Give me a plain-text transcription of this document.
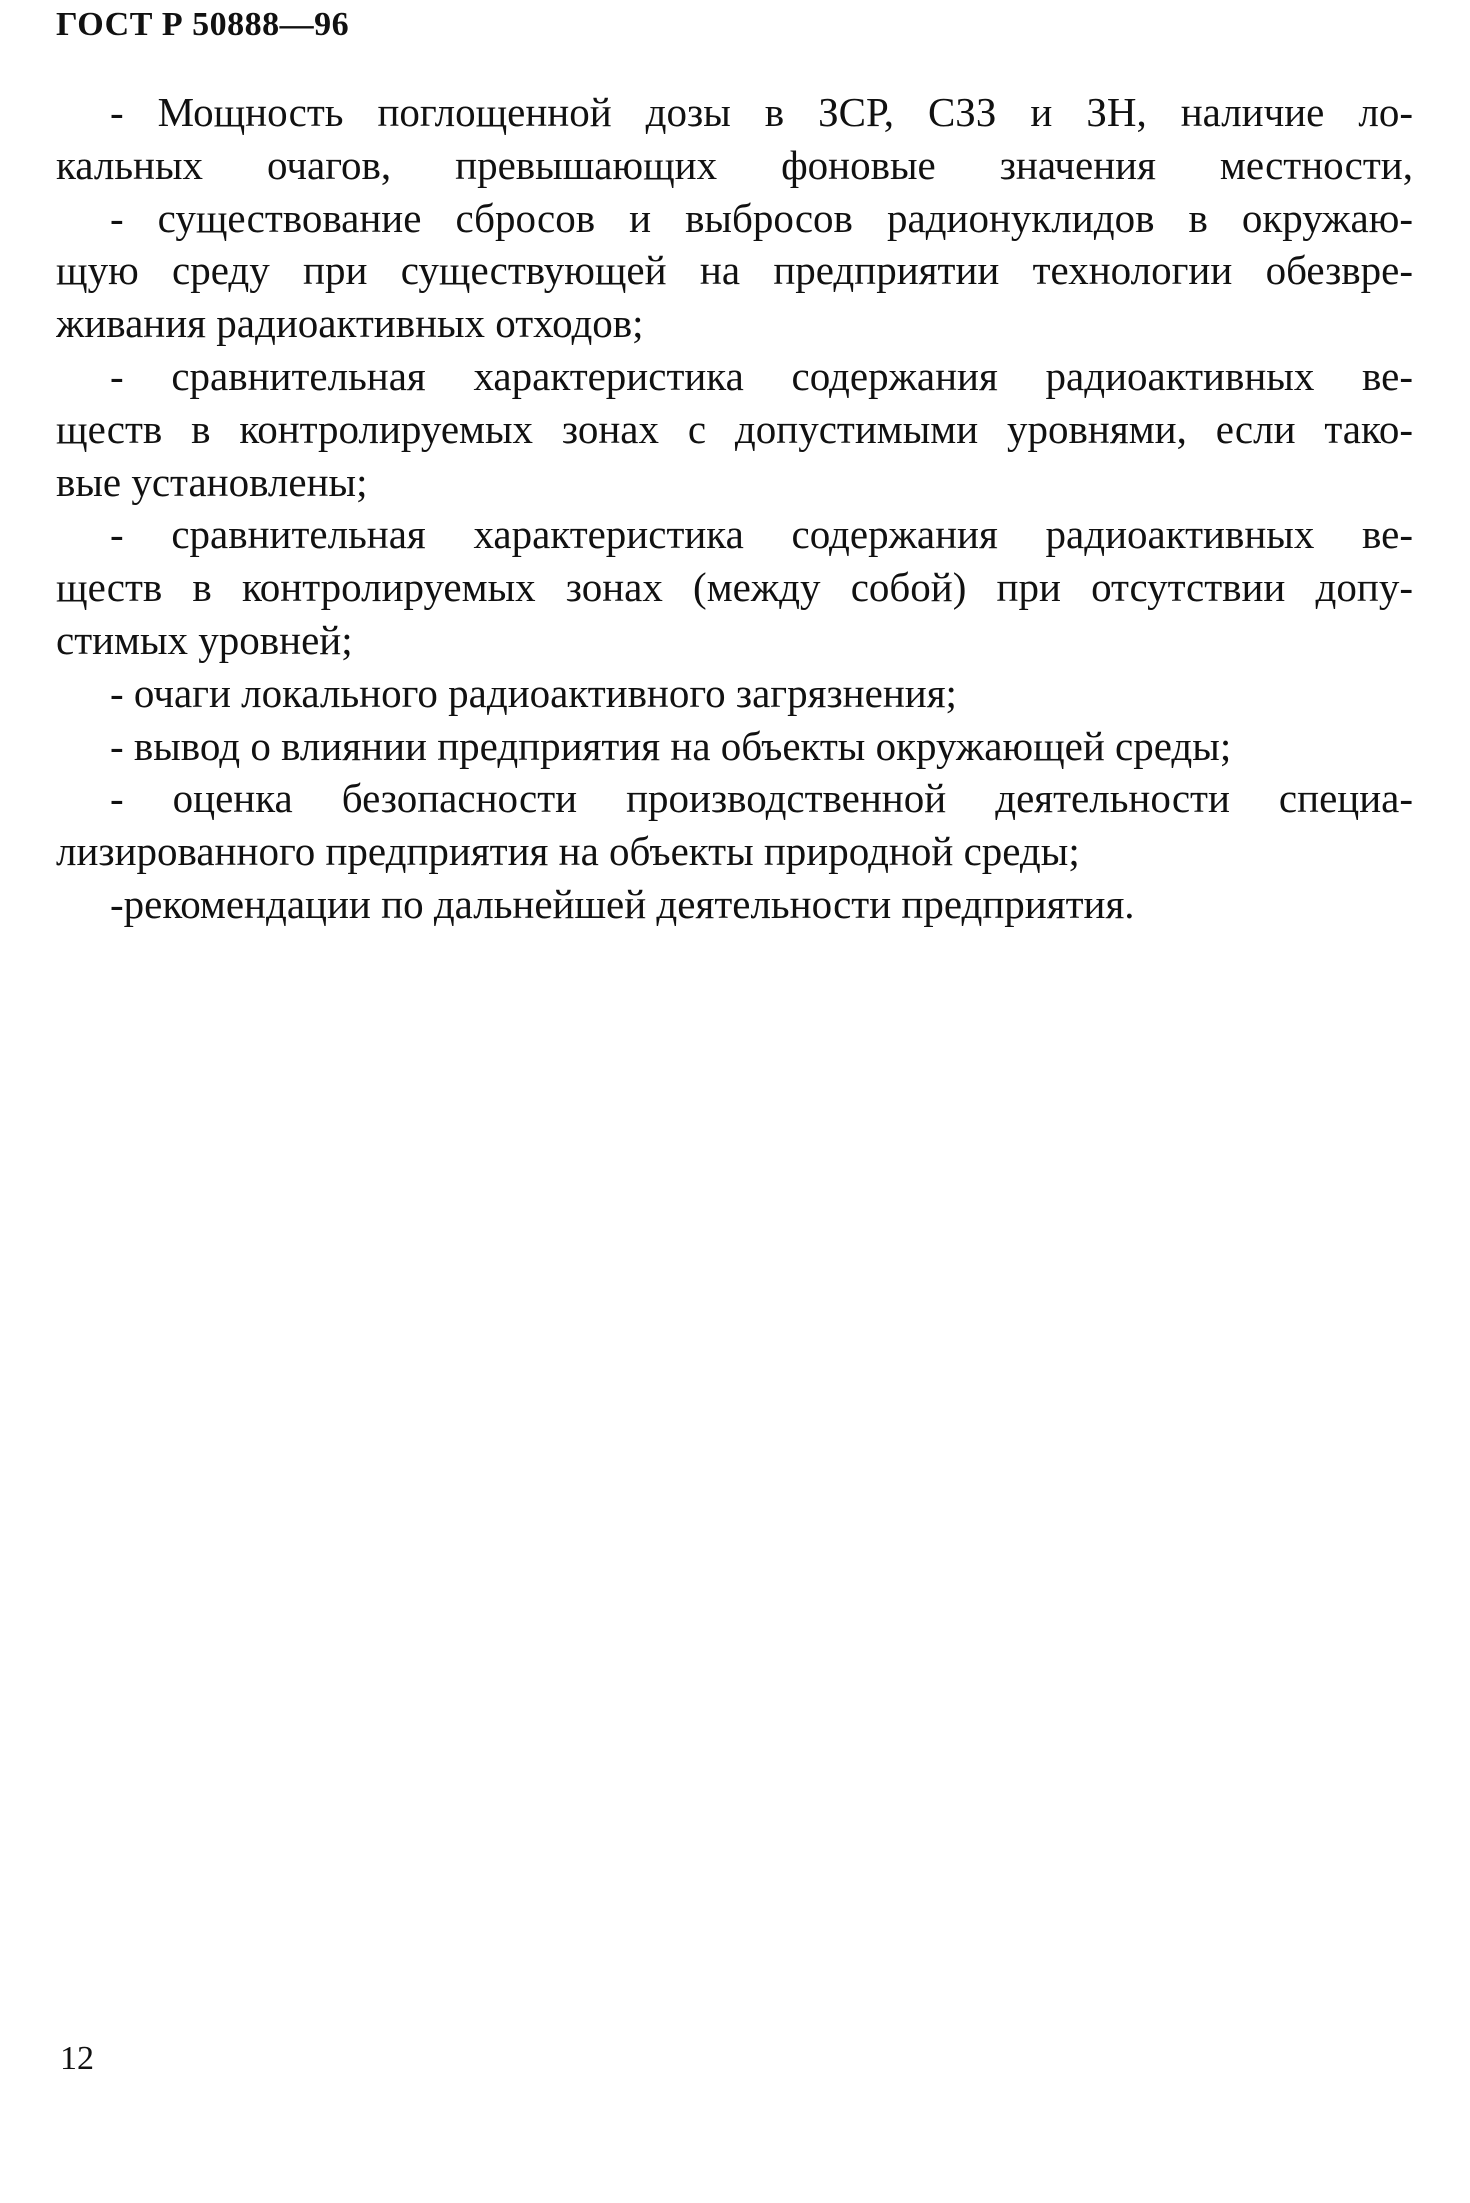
ГОСТ Р 50888—96
- Мощность поглощенной дозы в ЗСР, СЗЗ и ЗН, наличие ло-
кальных очагов, превышающих фоновые значения местности,
- существование сбросов и выбросов радионуклидов в окружаю-
щую среду при существующей на предприятии технологии обезвре-
живания радиоактивных отходов;
- сравнительная характеристика содержания радиоактивных ве-
ществ в контролируемых зонах с допустимыми уровнями, если тако-
вые установлены;
- сравнительная характеристика содержания радиоактивных ве-
ществ в контролируемых зонах (между собой) при отсутствии допу-
стимых уровней;
- очаги локального радиоактивного загрязнения;
- вывод о влиянии предприятия на объекты окружающей среды;
- оценка безопасности производственной деятельности специа-
лизированного предприятия на объекты природной среды;
-рекомендации по дальнейшей деятельности предприятия.
12
